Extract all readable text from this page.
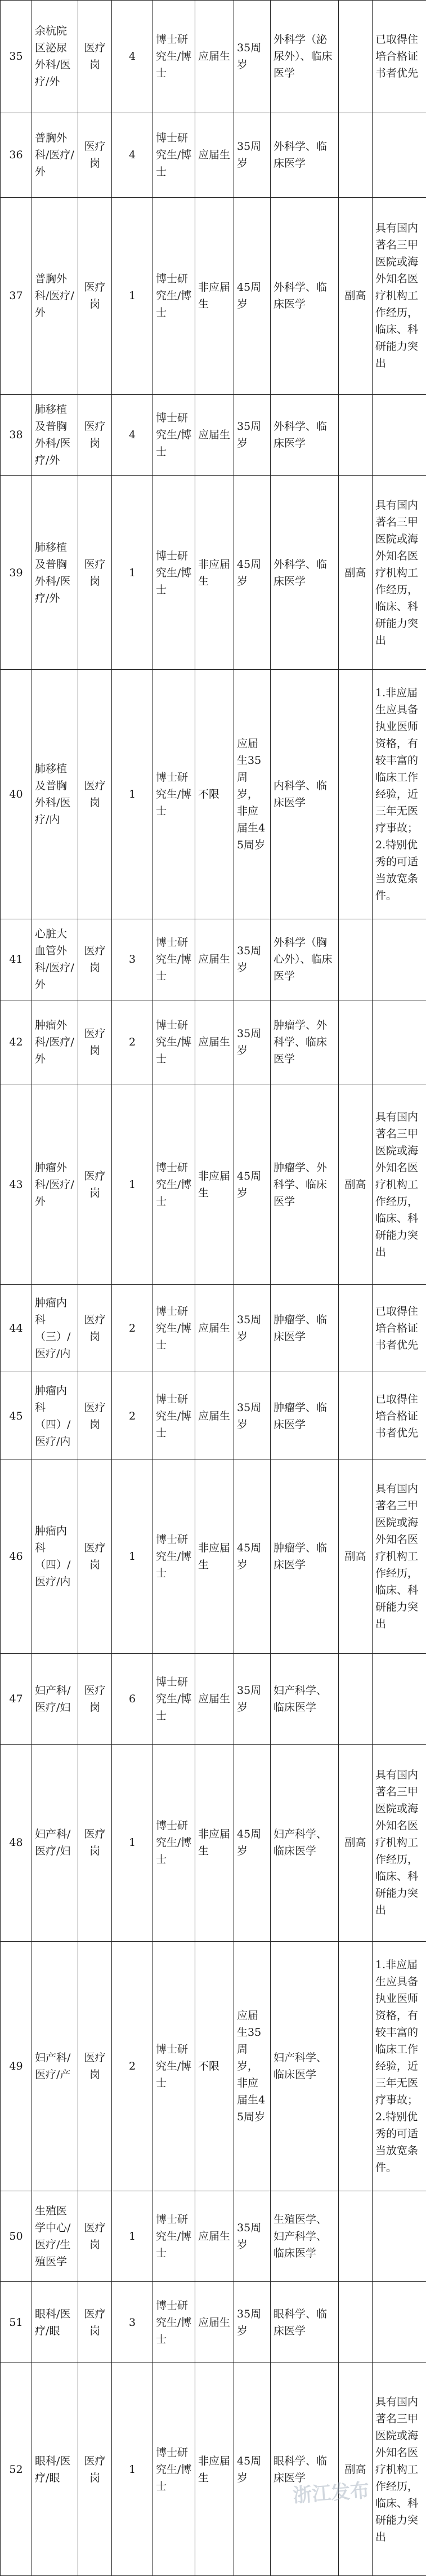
35	余杭院区泌尿外科/医疗/外	医疗岗	4	博士研究生/博士	应届生	35周岁	外科学（泌尿外）、临床医学		已取得住培合格证书者优先
36	普胸外科/医疗/外	医疗岗	4	博士研究生/博士	应届生	35周岁	外科学、临床医学		
37	普胸外科/医疗/外	医疗岗	1	博士研究生/博士	非应届生	45周岁	外科学、临床医学	副高	具有国内著名三甲医院或海外知名医疗机构工作经历，临床、科研能力突出
38	肺移植及普胸外科/医疗/外	医疗岗	4	博士研究生/博士	应届生	35周岁	外科学、临床医学		
39	肺移植及普胸外科/医疗/外	医疗岗	1	博士研究生/博士	非应届生	45周岁	外科学、临床医学	副高	具有国内著名三甲医院或海外知名医疗机构工作经历，临床、科研能力突出
40	肺移植及普胸外科/医疗/内	医疗岗	1	博士研究生/博士	不限	应届生35周岁，非应届生45周岁	内科学、临床医学		1.非应届生应具备执业医师资格，有较丰富的临床工作经验，近三年无医疗事故；2.特别优秀的可适当放宽条件。
41	心脏大血管外科/医疗/外	医疗岗	3	博士研究生/博士	应届生	35周岁	外科学（胸心外）、临床医学		
42	肿瘤外科/医疗/外	医疗岗	2	博士研究生/博士	应届生	35周岁	肿瘤学、外科学、临床医学		
43	肿瘤外科/医疗/外	医疗岗	1	博士研究生/博士	非应届生	45周岁	肿瘤学、外科学、临床医学	副高	具有国内著名三甲医院或海外知名医疗机构工作经历，临床、科研能力突出
44	肿瘤内科（三）/医疗/内	医疗岗	2	博士研究生/博士	应届生	35周岁	肿瘤学、临床医学		已取得住培合格证书者优先
45	肿瘤内科（四）/医疗/内	医疗岗	2	博士研究生/博士	应届生	35周岁	肿瘤学、临床医学		已取得住培合格证书者优先
46	肿瘤内科（四）/医疗/内	医疗岗	1	博士研究生/博士	非应届生	45周岁	肿瘤学、临床医学	副高	具有国内著名三甲医院或海外知名医疗机构工作经历，临床、科研能力突出
47	妇产科/医疗/妇	医疗岗	6	博士研究生/博士	应届生	35周岁	妇产科学、临床医学		
48	妇产科/医疗/妇	医疗岗	1	博士研究生/博士	非应届生	45周岁	妇产科学、临床医学	副高	具有国内著名三甲医院或海外知名医疗机构工作经历，临床、科研能力突出
49	妇产科/医疗/产	医疗岗	2	博士研究生/博士	不限	应届生35周岁，非应届生45周岁	妇产科学、临床医学		1.非应届生应具备执业医师资格，有较丰富的临床工作经验，近三年无医疗事故；2.特别优秀的可适当放宽条件。
50	生殖医学中心/医疗/生殖医学	医疗岗	1	博士研究生/博士	应届生	35周岁	生殖医学、妇产科学、临床医学		
51	眼科/医疗/眼	医疗岗	3	博士研究生/博士	应届生	35周岁	眼科学、临床医学		
52	眼科/医疗/眼	医疗岗	1	博士研究生/博士	非应届生	45周岁	眼科学、临床医学	副高	具有国内著名三甲医院或海外知名医疗机构工作经历，临床、科研能力突出
浙江发布
